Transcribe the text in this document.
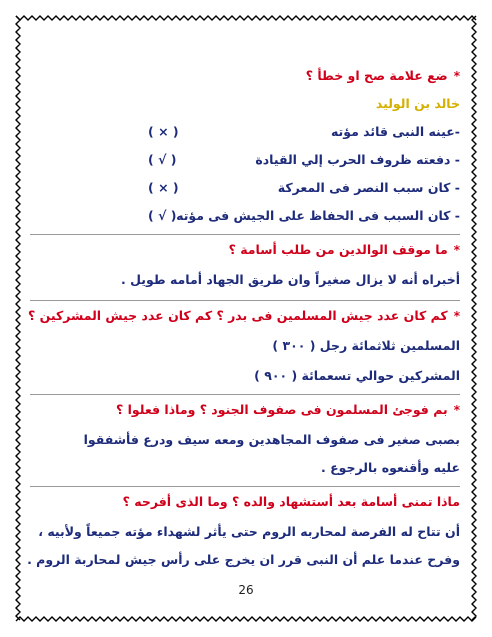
*ضع علامة صح او خطأ ؟
خالد بن الوليد
-عينه النبى قائد مؤته
( × )
- دفعته ظروف الحرب إلي القيادة
( √ )
- كان سبب النصر فى المعركة
( × )
- كان السبب فى الحفاظ على الجيش فى مؤته
( √ )
*ما موقف الوالدين من طلب أسامة ؟
أخبراه أنه لا يزال صغيراً وان طريق الجهاد أمامه طويل .
*كم كان عدد جيش المسلمين فى بدر ؟ كم كان عدد جيش المشركين ؟
المسلمين ثلاثمائة رجل ( ٣٠٠ )
المشركين حوالي تسعمائة ( ٩٠٠ )
*بم فوجئ المسلمون فى صفوف الجنود ؟ وماذا فعلوا ؟
بصبى صغير فى صفوف المجاهدين ومعه سيف ودرع فأشفقوا
عليه وأقنعوه بالرجوع .
ماذا تمنى أسامة بعد أستشهاد والده ؟ وما الذى أفرحه ؟
أن تتاح له الفرصة لمحاربه الروم حتى يأثر لشهداء مؤته جميعاً ولأبيه ،
وفرح عندما علم أن النبى قرر ان يخرج على رأس جيش لمحاربة الروم .
26
